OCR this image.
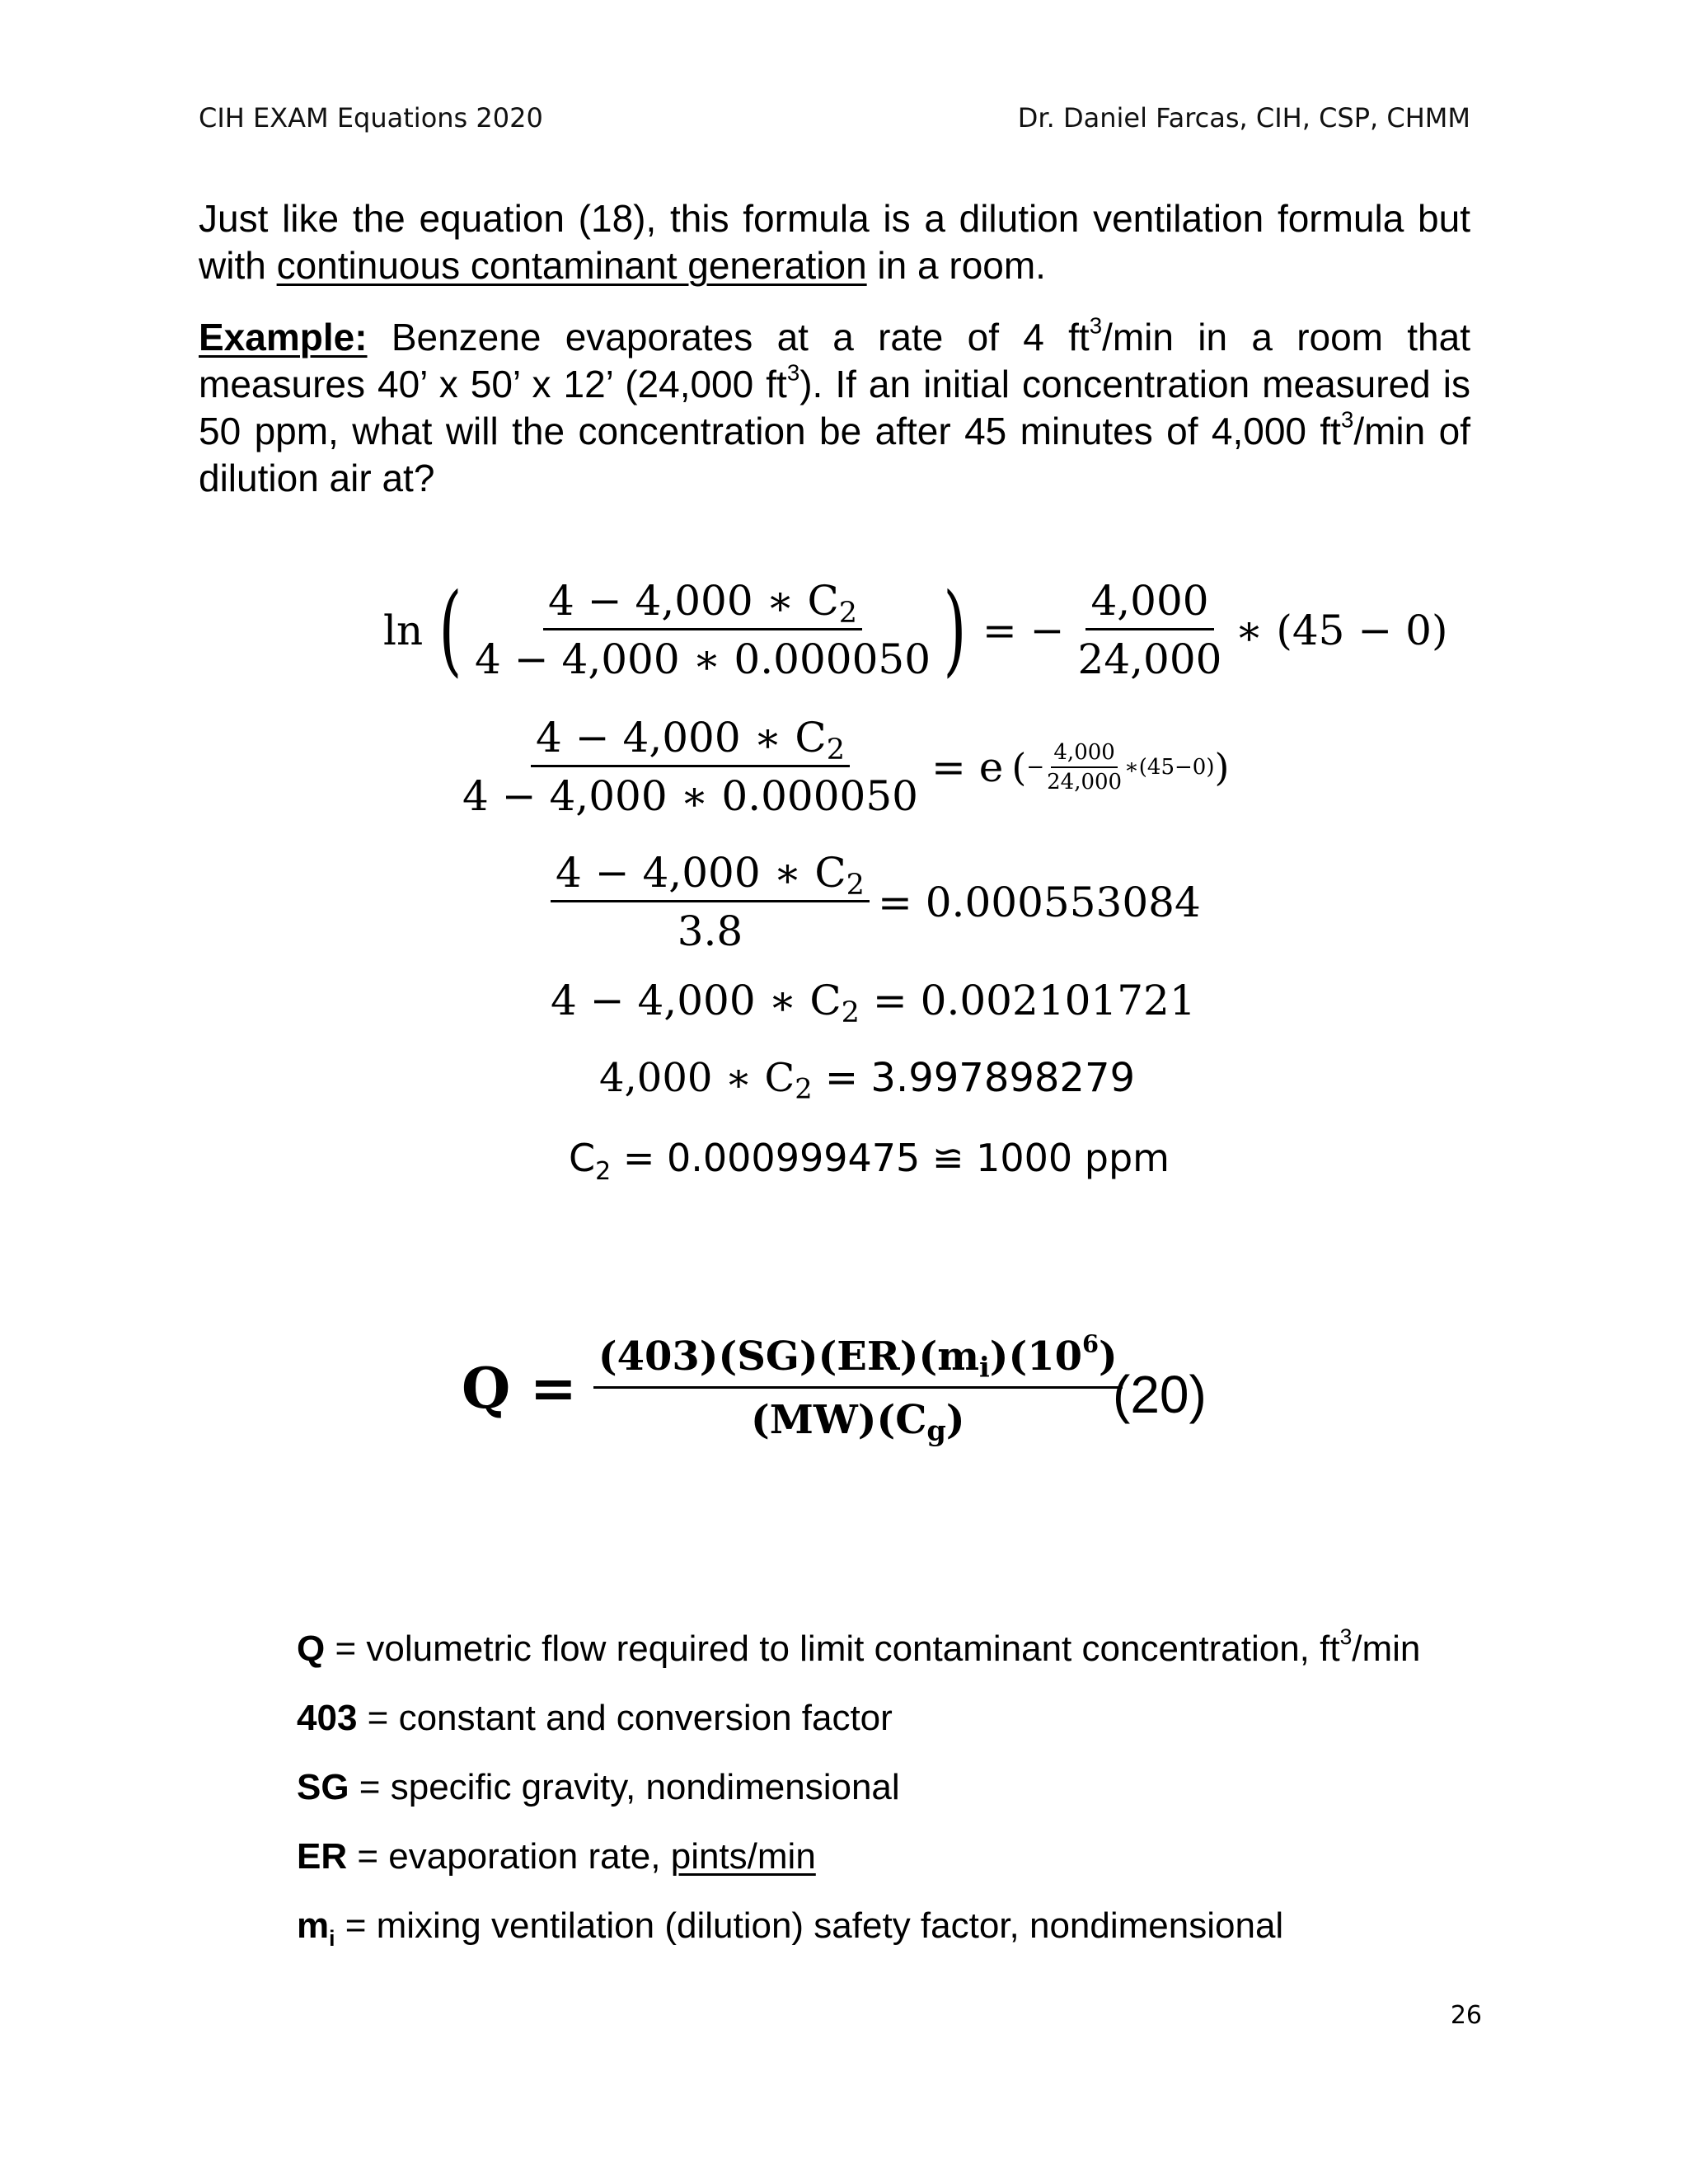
CIH EXAM Equations 2020	Dr. Daniel Farcas, CIH, CSP, CHMM
Just like the equation (18), this formula is a dilution ventilation formula but with continuous contaminant generation in a room.
Example: Benzene evaporates at a rate of 4 $ft^3/\min$ in a room that measures 40’ x 50’ x 12’ (24,000 $ft^3$). If an initial concentration measured is 50 ppm, what will the concentration be after 45 minutes of 4,000 $ft^3/\min$ of dilution air at?
ln ( $\frac{4 - 4,000 ∗ C_2}{4 - 4,000 ∗ 0.000050}$ ) = − $\frac{4,000}{24,000}$ ∗ (45 − 0)
$\frac{4 - 4,000 ∗ C_2}{4 - 4,000 ∗ 0.000050} = e$ ( − $\frac{4,000}{24,000}$ ∗(45−0) )
$\frac{4 - 4,000 ∗ C_2}{3.8} = 0.000553084$
4 − 4,000 ∗ $C_2 = 0.002101721$
4,000 ∗ $C_2 = 3.997898279$
$C_2 = 0.000999475$ ≌ 1000 ppm
$Q = \frac{(403)(SG)(ER)(m_i)(10^6)}{(MW)(C_g)}$
(20)
Q = volumetric flow required to limit contaminant concentration, $ft^3/\min$
403 = constant and conversion factor
SG = specific gravity, nondimensional
ER = evaporation rate, pints/min
$m_i$ = mixing ventilation (dilution) safety factor, nondimensional
26
